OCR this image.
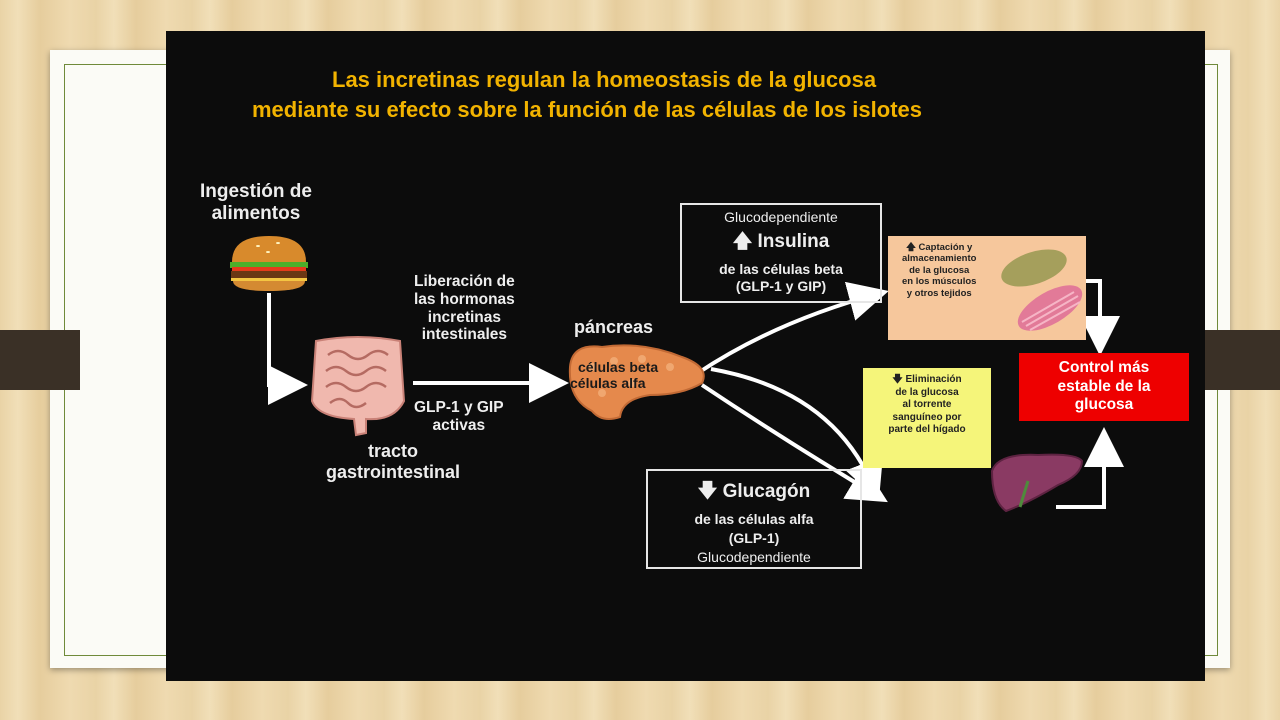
Las incretinas regulan la homeostasis de la glucosa
mediante su efecto sobre la función de las células de los islotes
Ingestión de
alimentos
Liberación de
las hormonas
incretinas
intestinales
GLP-1 y GIP
activas
tracto
gastrointestinal
páncreas
células beta
células alfa
Glucodependiente
🡅 Insulina
de las células beta
(GLP-1 y GIP)
🡇 Glucagón
de las células alfa
(GLP-1)
Glucodependiente
🡅 Captación y
almacenamiento
de la glucosa
en los músculos
y otros tejidos
🡇 Eliminación
de la glucosa
al torrente
sanguíneo por
parte del hígado
Control más
estable de la
glucosa
